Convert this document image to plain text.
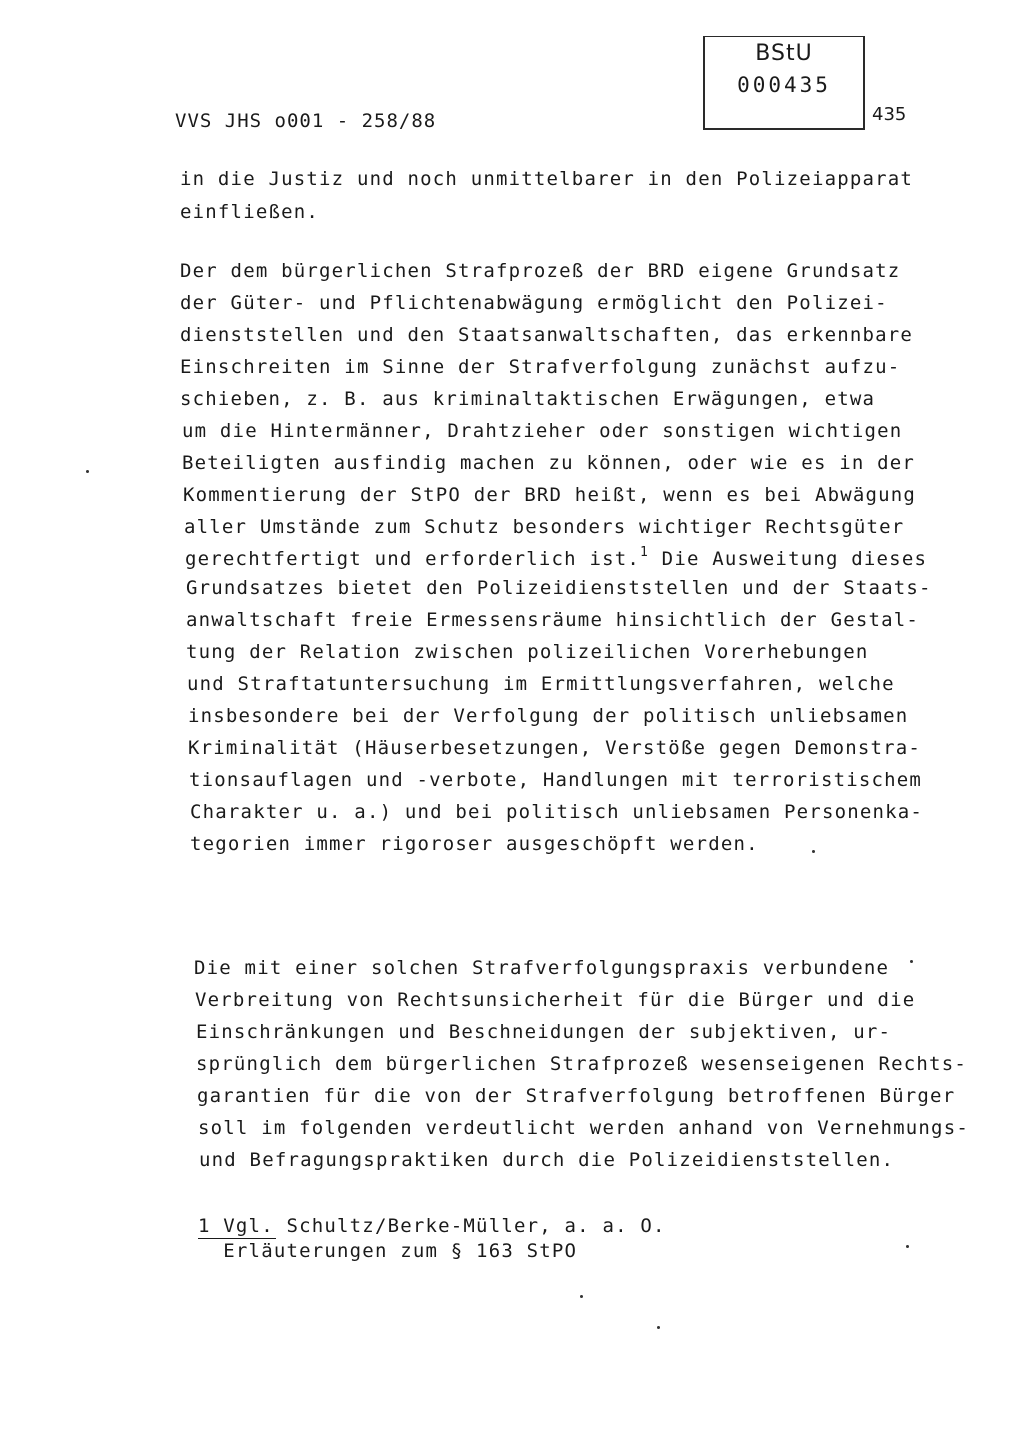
VVS JHS o001 - 258/88
BStU
000435
435
in die Justiz und noch unmittelbarer in den Polizeiapparat
einfließen.
Der dem bürgerlichen Strafprozeß der BRD eigene Grundsatz
der Güter- und Pflichtenabwägung ermöglicht den Polizei-
dienststellen und den Staatsanwaltschaften, das erkennbare
Einschreiten im Sinne der Strafverfolgung zunächst aufzu-
schieben, z. B. aus kriminaltaktischen Erwägungen, etwa
um die Hintermänner, Drahtzieher oder sonstigen wichtigen
Beteiligten ausfindig machen zu können, oder wie es in der
Kommentierung der StPO der BRD heißt, wenn es bei Abwägung
aller Umstände zum Schutz besonders wichtiger Rechtsgüter
gerechtfertigt und erforderlich ist.$^1$ Die Ausweitung dieses
Grundsatzes bietet den Polizeidienststellen und der Staats-
anwaltschaft freie Ermessensräume hinsichtlich der Gestal-
tung der Relation zwischen polizeilichen Vorerhebungen
und Straftatuntersuchung im Ermittlungsverfahren, welche
insbesondere bei der Verfolgung der politisch unliebsamen
Kriminalität (Häuserbesetzungen, Verstöße gegen Demonstra-
tionsauflagen und -verbote, Handlungen mit terroristischem
Charakter u. a.) und bei politisch unliebsamen Personenka-
tegorien immer rigoroser ausgeschöpft werden.
Die mit einer solchen Strafverfolgungspraxis verbundene
Verbreitung von Rechtsunsicherheit für die Bürger und die
Einschränkungen und Beschneidungen der subjektiven, ur-
sprünglich dem bürgerlichen Strafprozeß wesenseigenen Rechts-
garantien für die von der Strafverfolgung betroffenen Bürger
soll im folgenden verdeutlicht werden anhand von Vernehmungs-
und Befragungspraktiken durch die Polizeidienststellen.
1 Vgl. Schultz/Berke-Müller, a. a. O.
Erläuterungen zum § 163 StPO
